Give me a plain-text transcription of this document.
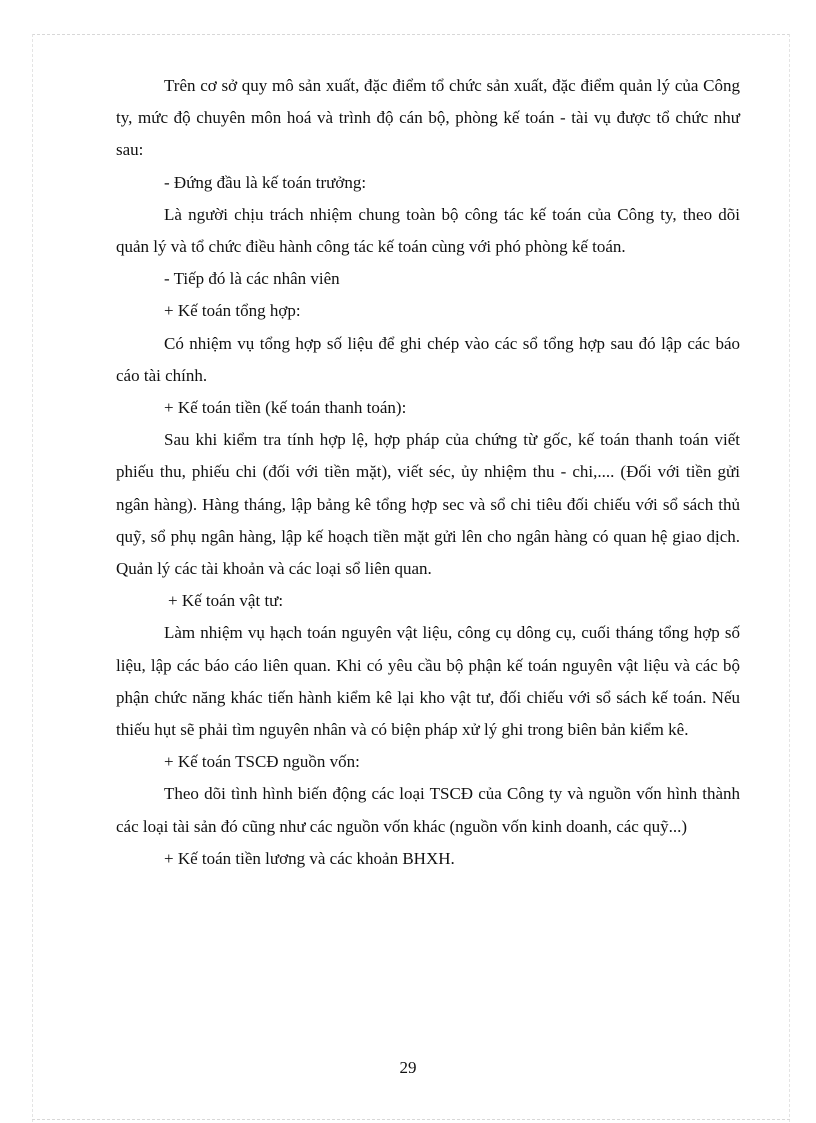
Trên cơ sở quy mô sản xuất, đặc điểm tổ chức sản xuất, đặc điểm quản lý của Công ty, mức độ chuyên môn hoá và trình độ cán bộ, phòng kế toán - tài vụ được tổ chức như sau:

- Đứng đầu là kế toán trưởng:

Là người chịu trách nhiệm chung toàn bộ công tác kế toán của Công ty, theo dõi quản lý và tổ chức điều hành công tác kế toán cùng với phó phòng kế toán.

- Tiếp đó là các nhân viên

+ Kế toán tổng hợp:

Có nhiệm vụ tổng hợp số liệu để ghi chép vào các sổ tổng hợp sau đó lập các báo cáo tài chính.

+ Kế toán tiền (kế toán thanh toán):

Sau khi kiểm tra tính hợp lệ, hợp pháp của chứng từ gốc, kế toán thanh toán viết phiếu thu, phiếu chi (đối với tiền mặt), viết séc, ủy nhiệm thu - chi,.... (Đối với tiền gửi ngân hàng). Hàng tháng, lập bảng kê tổng hợp sec và sổ chi tiêu đối chiếu với sổ sách thủ quỹ, sổ phụ ngân hàng, lập kế hoạch tiền mặt gửi lên cho ngân hàng có quan hệ giao dịch. Quản lý các tài khoản và các loại sổ liên quan.

+ Kế toán vật tư:

Làm nhiệm vụ hạch toán nguyên vật liệu, công cụ dông cụ, cuối tháng tổng hợp số liệu, lập các báo cáo liên quan. Khi có yêu cầu bộ phận kế toán nguyên vật liệu và các bộ phận chức năng khác tiến hành kiểm kê lại kho vật tư, đối chiếu với sổ sách kế toán. Nếu thiếu hụt sẽ phải tìm nguyên nhân và có biện pháp xử lý ghi trong biên bản kiểm kê.

+ Kế toán TSCĐ nguồn vốn:

Theo dõi tình hình biến động các loại TSCĐ của Công ty và nguồn vốn hình thành các loại tài sản đó cũng như các nguồn vốn khác (nguồn vốn kinh doanh, các quỹ...)

+ Kế toán tiền lương và các khoản BHXH.

29
